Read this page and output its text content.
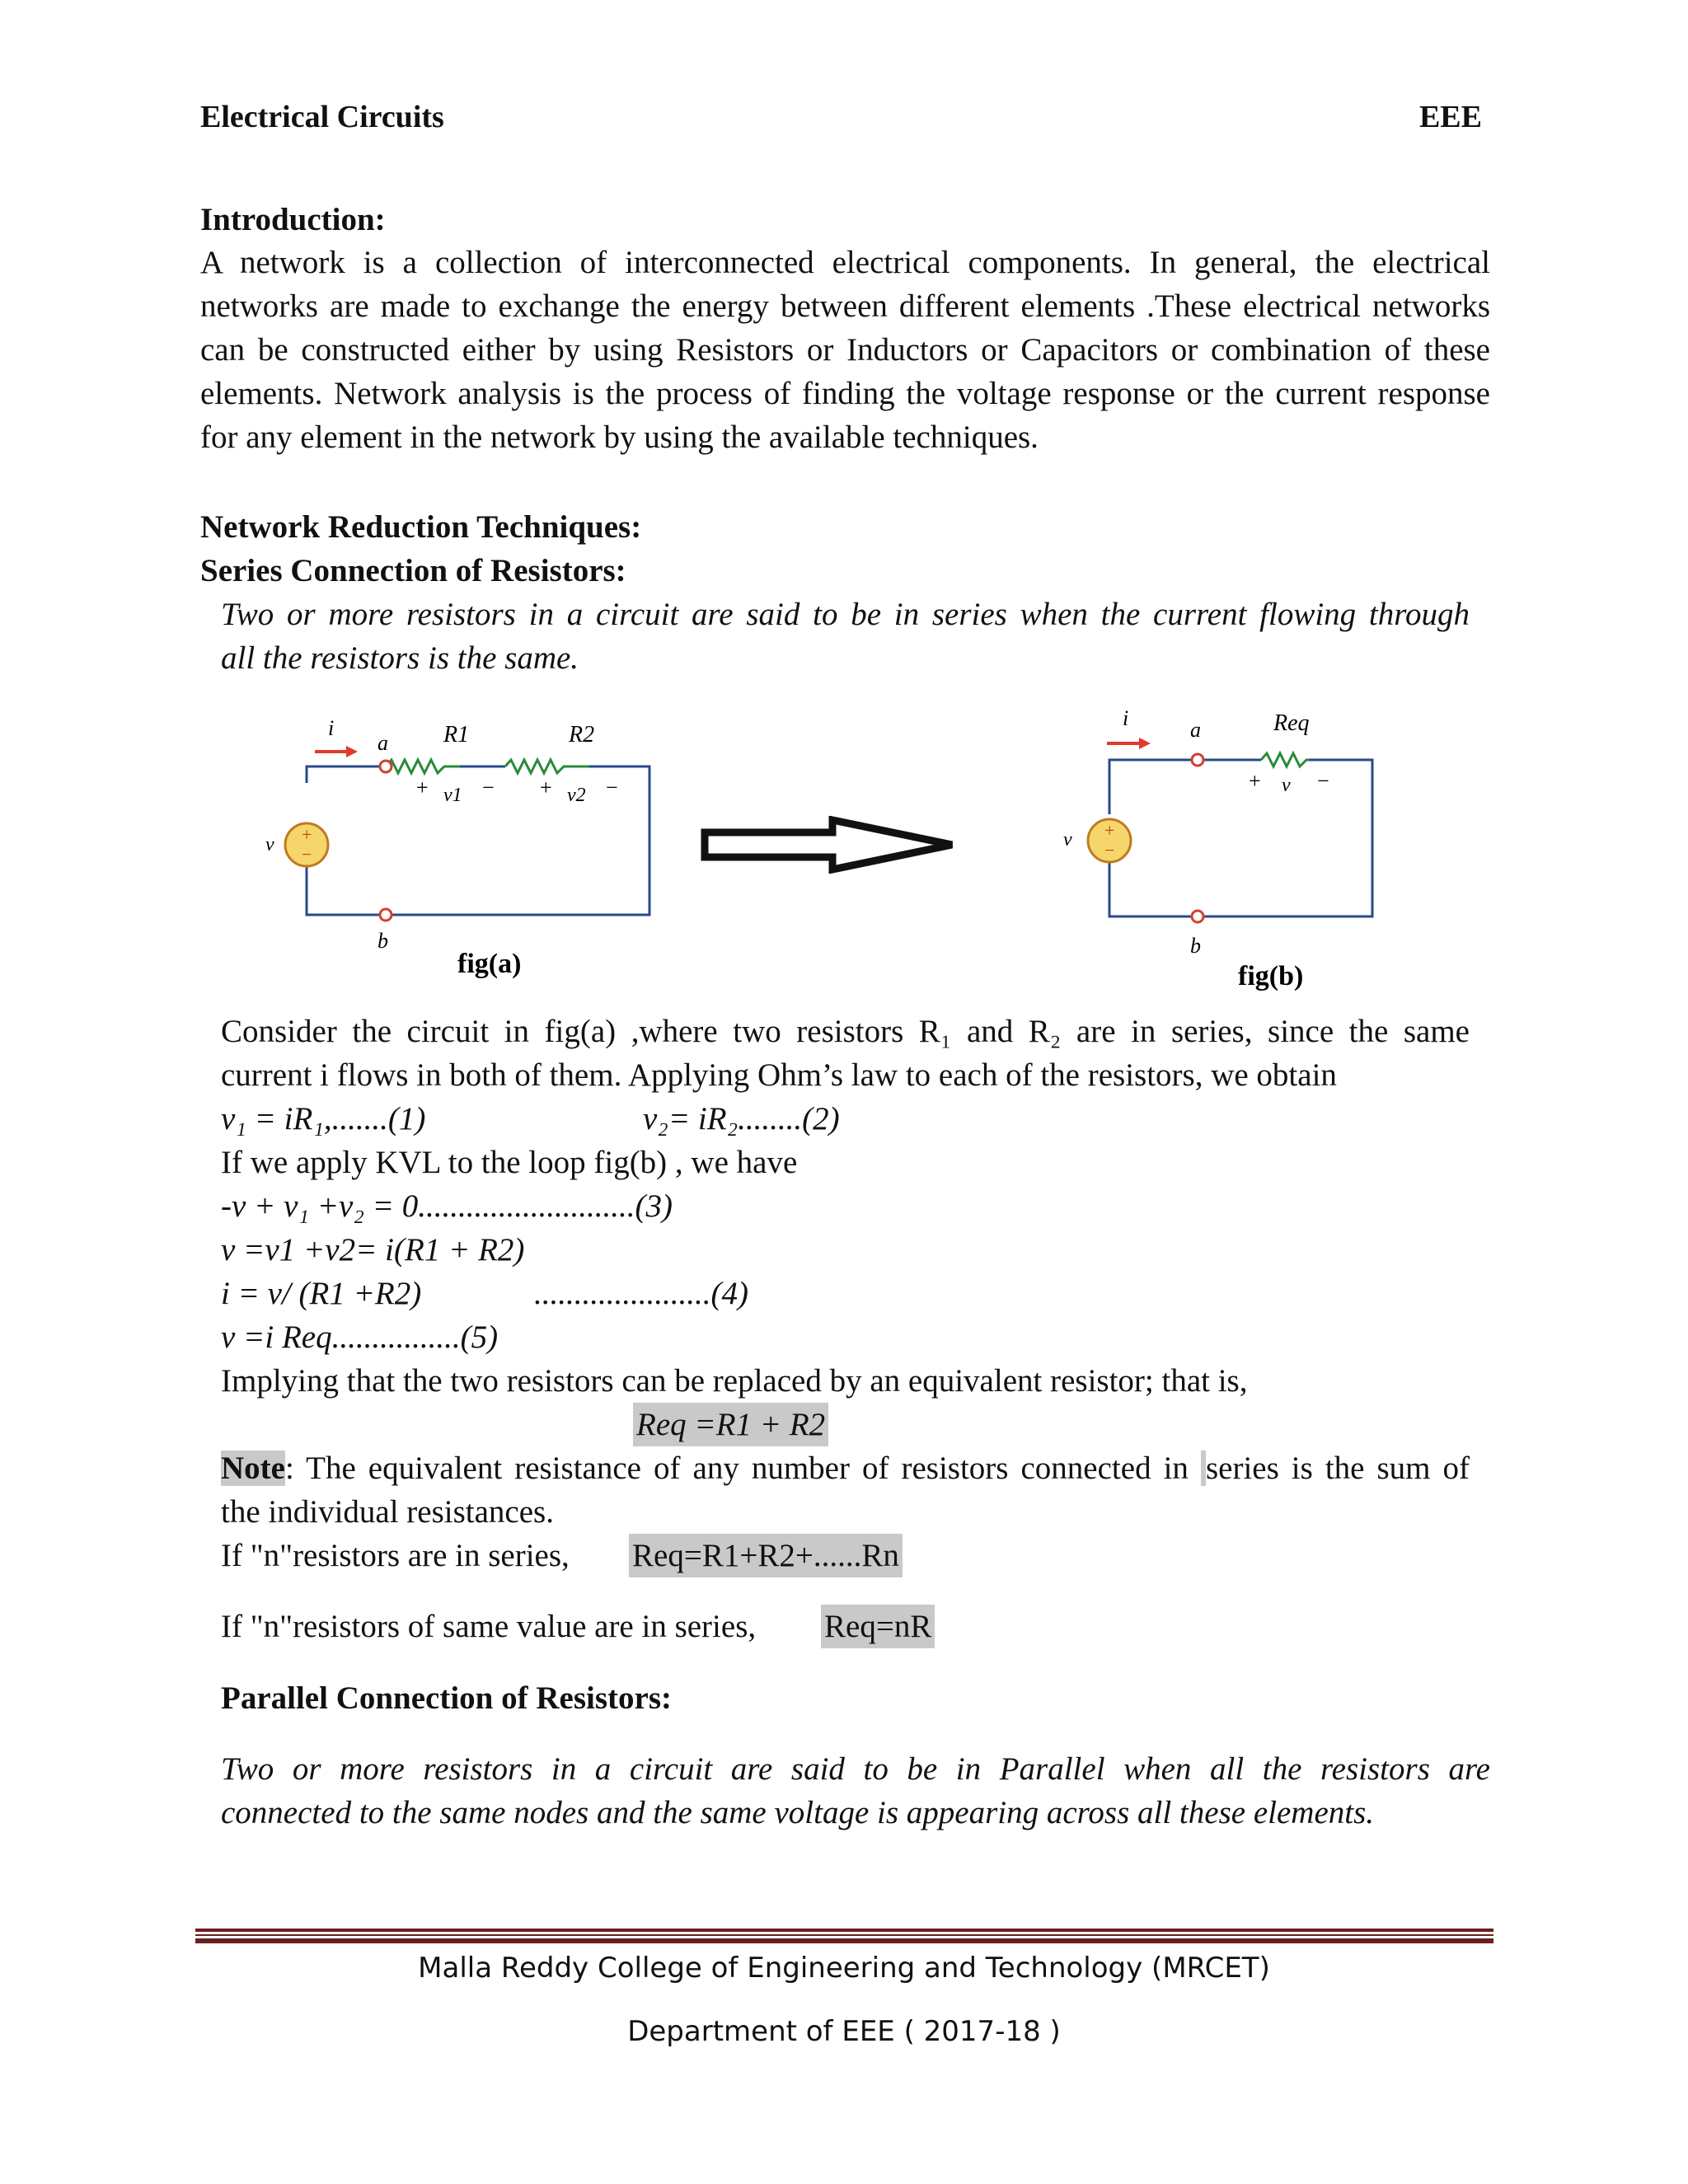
Electrical Circuits	EEE
Introduction:
A network is a collection of interconnected electrical components. In general, the electrical
networks are made to exchange the energy between different elements .These electrical networks
can be constructed either by using Resistors or Inductors or Capacitors or combination of these
elements. Network analysis is the process of finding the voltage response or the current response
for any element in the network by using the available techniques.
Network Reduction Techniques:
Series Connection of Resistors:
Two or more resistors in a circuit are said to be in series when the current flowing through
all the resistors is the same.
+
−
i
a
b
v
R1	R2
+ v1 − + v2 −
fig(a)
+
−
i	a
b
v
Req
+ v −
fig(b)
Consider the circuit in fig(a) ,where two resistors R₁ and R₂ are in series, since the same
current i flows in both of them. Applying Ohm’s law to each of the resistors, we obtain
v₁ = iR₁,.......(1)	v₂= iR₂........(2)
If we apply KVL to the loop fig(b) , we have
-v + v₁ +v₂ = 0...........................(3)
v =v1 +v2= i(R1 + R2)
i = v/ (R1 +R2)	......................(4)
v =i Req................(5)
Implying that the two resistors can be replaced by an equivalent resistor; that is,
Req =R1 + R2
Note: The equivalent resistance of any number of resistors connected in series is the sum of
the individual resistances.
If "n"resistors are in series, Req=R1+R2+......Rn
If "n"resistors of same value are in series, Req=nR
Parallel Connection of Resistors:
Two or more resistors in a circuit are said to be in Parallel when all the resistors are
connected to the same nodes and the same voltage is appearing across all these elements.
Malla Reddy College of Engineering and Technology (MRCET)
Department of EEE ( 2017-18 )
